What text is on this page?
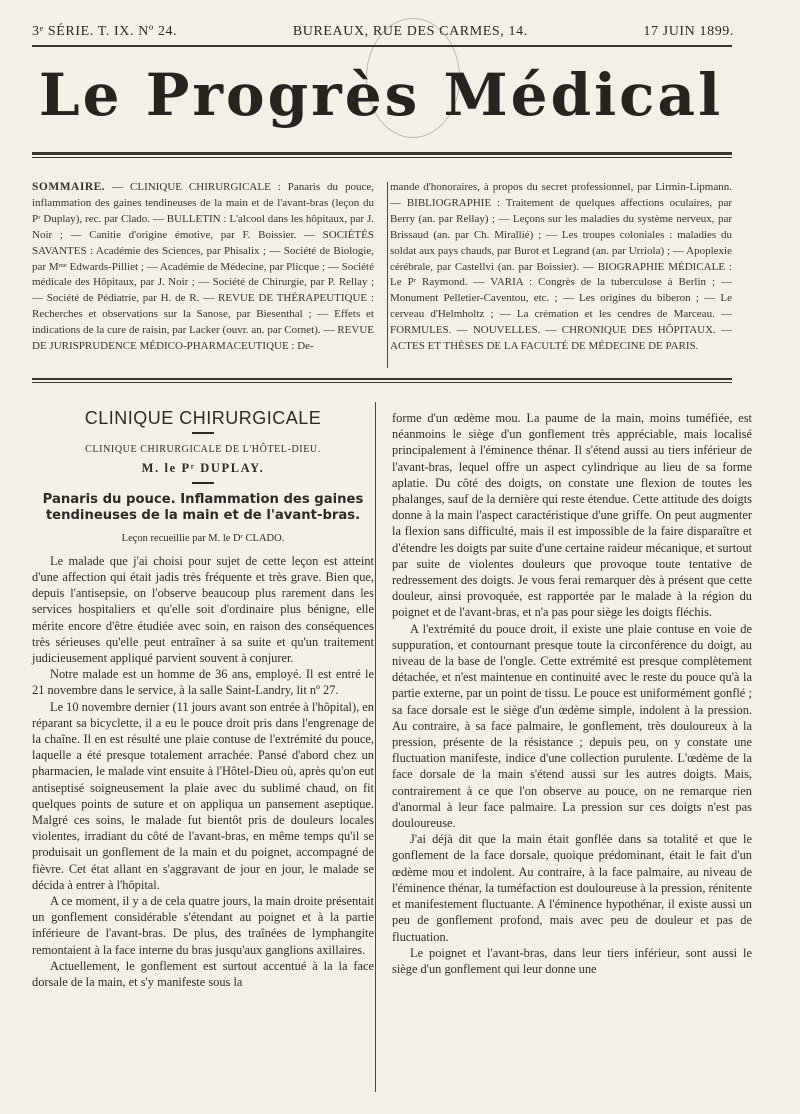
3ᵉ SÉRIE. T. IX. Nº 24.	BUREAUX, RUE DES CARMES, 14.	17 JUIN 1899.
Le Progrès Médical
SOMMAIRE. — CLINIQUE CHIRURGICALE : Panaris du pouce, inflammation des gaines tendineuses de la main et de l'avant-bras (leçon du Pʳ Duplay), rec. par Clado. — BULLETIN : L'alcool dans les hôpitaux, par J. Noir ; — Canitie d'origine émotive, par F. Boissier. — SOCIÉTÉS SAVANTES : Académie des Sciences, par Phisalix ; — Société de Biologie, par Mᵐᵉ Edwards-Pilliet ; — Académie de Médecine, par Plicque ; — Société médicale des Hôpitaux, par J. Noir ; — Société de Chirurgie, par P. Rellay ; — Société de Pédiatrie, par H. de R. — REVUE DE THÉRAPEUTIQUE : Recherches et observations sur la Sanose, par Biesenthal ; — Effets et indications de la cure de raisin, par Lacker (ouvr. an. par Cornet). — REVUE DE JURISPRUDENCE MÉDICO-PHARMACEUTIQUE : De-
mande d'honoraires, à propos du secret professionnel, par Lirmin-Lipmann. — BIBLIOGRAPHIE : Traitement de quelques affections oculaires, par Berry (an. par Rellay) ; — Leçons sur les maladies du système nerveux, par Brissaud (an. par Ch. Mirallié) ; — Les troupes coloniales : maladies du soldat aux pays chauds, par Burot et Legrand (an. par Urriola) ; — Apoplexie cérébrale, par Castellvi (an. par Boissier). — BIOGRAPHIE MÉDICALE : Le Pʳ Raymond. — VARIA : Congrès de la tuberculose à Berlin ; — Monument Pelletier-Caventou, etc. ; — Les origines du biberon ; — Le cerveau d'Helmholtz ; — La crémation et les cendres de Marceau. — FORMULES. — NOUVELLES. — CHRONIQUE DES HÔPITAUX. — ACTES ET THÈSES DE LA FACULTÉ DE MÉDECINE DE PARIS.
CLINIQUE CHIRURGICALE
CLINIQUE CHIRURGICALE DE L'HÔTEL-DIEU.
M. le Pʳ DUPLAY.
Panaris du pouce. Inflammation des gaines tendineuses de la main et de l'avant-bras.
Leçon recueillie par M. le Dʳ CLADO.

Le malade que j'ai choisi pour sujet de cette leçon est atteint d'une affection qui était jadis très fréquente et très grave. Bien que, depuis l'antisepsie, on l'observe beaucoup plus rarement dans les services hospitaliers et qu'elle soit d'ordinaire plus bénigne, elle mérite encore d'être étudiée avec soin, en raison des conséquences très sérieuses qu'elle peut entraîner à sa suite et qu'un traitement judicieusement appliqué parvient souvent à conjurer.

Notre malade est un homme de 36 ans, employé. Il est entré le 21 novembre dans le service, à la salle Saint-Landry, lit nº 27.

Le 10 novembre dernier (11 jours avant son entrée à l'hôpital), en réparant sa bicyclette, il a eu le pouce droit pris dans l'engrenage de la chaîne. Il en est résulté une plaie contuse de l'extrémité du pouce, laquelle a été presque totalement arrachée. Pansé d'abord chez un pharmacien, le malade vint ensuite à l'Hôtel-Dieu où, après qu'on eut antiseptisé soigneusement la plaie avec du sublimé chaud, on fit quelques points de suture et on appliqua un pansement aseptique. Malgré ces soins, le malade fut bientôt pris de douleurs locales violentes, irradiant du côté de l'avant-bras, en même temps qu'il se produisait un gonflement de la main et du poignet, accompagné de fièvre. Cet état allant en s'aggravant de jour en jour, le malade se décida à entrer à l'hôpital.

A ce moment, il y a de cela quatre jours, la main droite présentait un gonflement considérable s'étendant au poignet et à la partie inférieure de l'avant-bras. De plus, des traînées de lymphangite remontaient à la face interne du bras jusqu'aux ganglions axillaires.

Actuellement, le gonflement est surtout accentué à la la face dorsale de la main, et s'y manifeste sous la

forme d'un œdème mou. La paume de la main, moins tuméfiée, est néanmoins le siège d'un gonflement très appréciable, mais localisé principalement à l'éminence thénar. Il s'étend aussi au tiers inférieur de l'avant-bras, lequel offre un aspect cylindrique au lieu de sa forme aplatie. Du côté des doigts, on constate une flexion de toutes les phalanges, sauf de la dernière qui reste étendue. Cette attitude des doigts donne à la main l'aspect caractéristique d'une griffe. On peut augmenter la flexion sans difficulté, mais il est impossible de la faire disparaître et d'étendre les doigts par suite d'une certaine raideur mécanique, et surtout par suite de violentes douleurs que provoque toute tentative de redressement des doigts. Je vous ferai remarquer dès à présent que cette douleur, ainsi provoquée, est rapportée par le malade à la région du poignet et de l'avant-bras, et n'a pas pour siège les doigts fléchis.

A l'extrémité du pouce droit, il existe une plaie contuse en voie de suppuration, et contournant presque toute la circonférence du doigt, au niveau de la base de l'ongle. Cette extrémité est presque complètement détachée, et n'est maintenue en continuité avec le reste du pouce qu'à la partie externe, par un point de tissu. Le pouce est uniformément gonflé ; sa face dorsale est le siège d'un œdème simple, indolent à la pression. Au contraire, à sa face palmaire, le gonflement, très douloureux à la pression, présente de la résistance ; depuis peu, on y constate une fluctuation manifeste, indice d'une collection purulente. L'œdème de la face dorsale de la main s'étend aussi sur les autres doigts. Mais, contrairement à ce que l'on observe au pouce, on ne remarque rien d'anormal à leur face palmaire. La pression sur ces doigts n'est pas douloureuse.

J'ai déjà dit que la main était gonflée dans sa totalité et que le gonflement de la face dorsale, quoique prédominant, était le fait d'un œdème mou et indolent. Au contraire, à la face palmaire, au niveau de l'éminence thénar, la tuméfaction est douloureuse à la pression, rénitente et manifestement fluctuante. A l'éminence hypothénar, il existe aussi un peu de gonflement profond, mais avec peu de douleur et pas de fluctuation.

Le poignet et l'avant-bras, dans leur tiers inférieur, sont aussi le siège d'un gonflement qui leur donne une
